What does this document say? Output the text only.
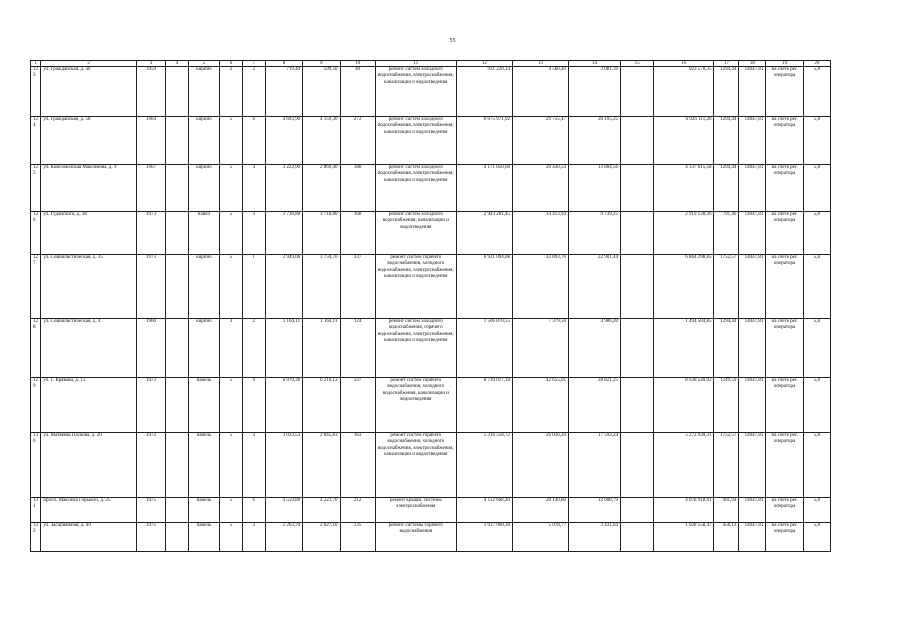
55
1	2	3	4	5	6	7	8	9	10	11	12	13	14	15	16	17	18	19	20
123	ул. Гражданская, д. 46	1959		кирпич	2	2	719,40	599,50	40	ремонт систем холодного водоснабжения, электроснабжения, канализации и водоотведения	931 220,14	4 560,40	3 081,39		923 578,35	1294,44	14047,81	на счете рег. оператора	5,8
124	ул. Гражданская, д. 58	1964		кирпич	5	6	4 693,90	4 159,30	272	ремонт систем холодного водоснабжения, электроснабжения, канализации и водоотведения	6 075 971,92	29 755,47	20 105,25		6 026 111,20	1294,44	14047,81	на счете рег. оператора	5,8
125	ул. Комсомолская Максимова, д. 9	1967		кирпич	5	4	3 222,90	2 869,40	188	ремонт систем холодного водоснабжения, электроснабжения, канализации и водоотведения	4 171 850,68	20 430,54	13 804,56		4 137 615,58	1294,44	14047,81	на счете рег. оператора	5,8
126	ул. Гуданского, д. 38	1973		панел	5	3	3 718,80	3 718,80	168	ремонт систем холодного водоснабжения, канализации и водоотведения	2 943 281,45	14 413,94	9 739,25		2 919 128,26	791,46	14047,81	на счете рег. оператора	5,8
127	ул. Социалистическая, д. 15	1973		кирпич	5	1	3 949,06	3 750,76	337	ремонт систем горячего водоснабжения, холодного водоснабжения, электроснабжения, канализации и водоотведения	6 921 094,08	33 893,70	22 901,44		6 864 298,85	1752,57	14047,81	на счете рег. оператора	5,8
128	ул. Социалистическая, д. 4	1960		кирпич	3	2	1 164,11	1 164,11	124	ремонт систем холодного водоснабжения, горячего водоснабжения, электроснабжения, канализации и водоотведения	1 506 870,55	7 379,50	4 986,20		1 494 504,85	1294,44	14047,81	на счете рег. оператора	5,8
129	ул. Г. Крякова, д. 13	1973		панель	5	9	6 970,30	6 216,13	337	ремонт систем горячего водоснабжения, холодного водоснабжения, канализации и водоотведения	8 710 017,18	42 655,01	28 821,25		8 638 540,92	1249,59	14047,81	на счете рег. оператора	5,8
130	ул. Матвеева Паскова, д. 20	1972		панель	5	4	3 033,53	2 845,83	163	ремонт систем горячего водоснабжения, холодного водоснабжения, электроснабжения, канализации и водоотведения	5 316 558,72	26 036,20	17 592,24		5 272 930,31	1752,57	14047,81	на счете рег. оператора	5,8
131	просп. Максима Горького, д. 25	1975		панель	5	6	4 559,80	4 223,70	212	ремонт крыши, системы электроснабжения	4 112 668,20	20 140,80	13 608,79		4 078 918,61	901,94	14047,81	на счете рег. оператора	5,8
132	ул. Засорняжная, д. 49	1975		панель	5	3	2 263,70	2 027,10	135	ремонт системы горячего водоснабжения	1 037 968,18	5 078,77	3 431,64		1 028 558,47	458,13	14047,81	на счете рег. оператора	5,8
